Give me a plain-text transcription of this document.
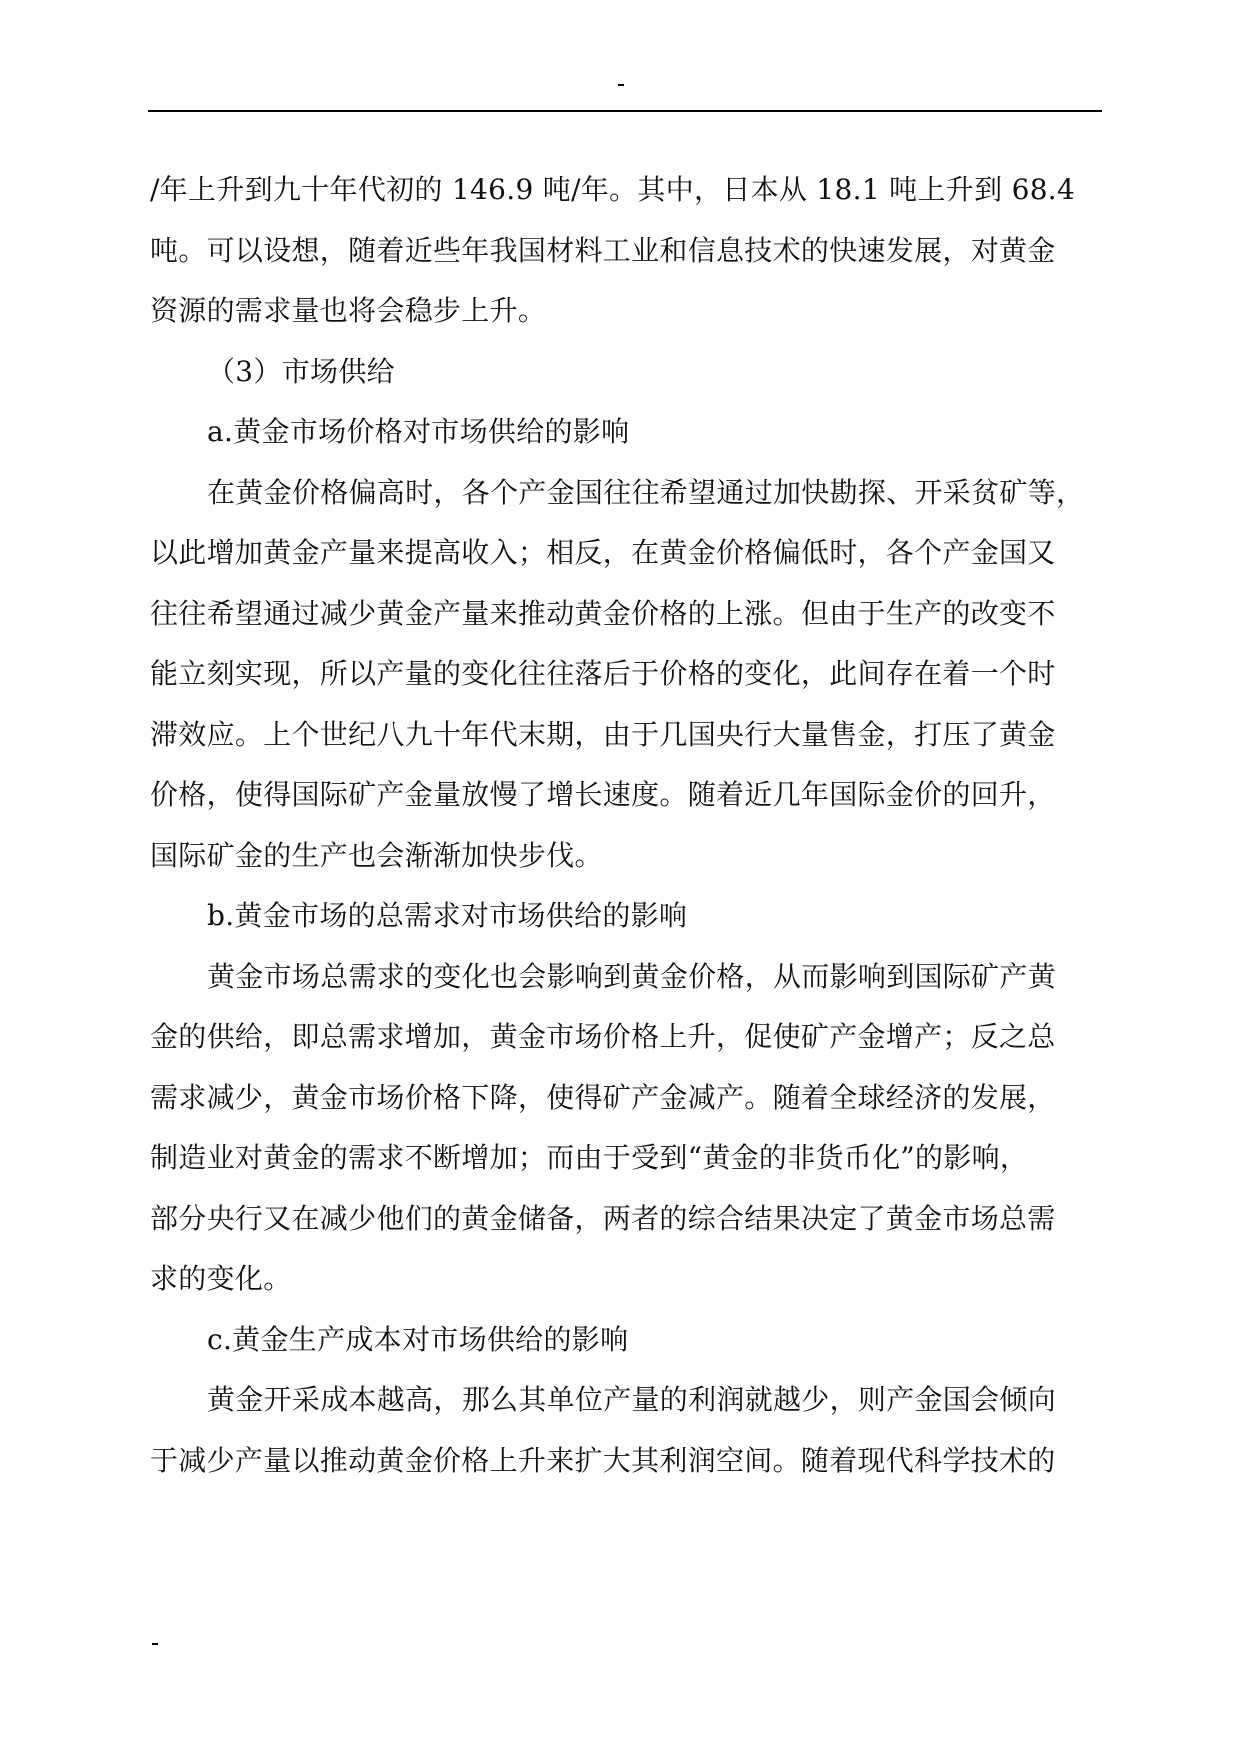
/年上升到九十年代初的 146.9 吨/年。其中，日本从 18.1 吨上升到 68.4
吨。可以设想，随着近些年我国材料工业和信息技术的快速发展，对黄金
资源的需求量也将会稳步上升。
（3）市场供给
a.黄金市场价格对市场供给的影响
在黄金价格偏高时，各个产金国往往希望通过加快勘探、开采贫矿等，
以此增加黄金产量来提高收入；相反，在黄金价格偏低时，各个产金国又
往往希望通过减少黄金产量来推动黄金价格的上涨。但由于生产的改变不
能立刻实现，所以产量的变化往往落后于价格的变化，此间存在着一个时
滞效应。上个世纪八九十年代末期，由于几国央行大量售金，打压了黄金
价格，使得国际矿产金量放慢了增长速度。随着近几年国际金价的回升，
国际矿金的生产也会渐渐加快步伐。
b.黄金市场的总需求对市场供给的影响
黄金市场总需求的变化也会影响到黄金价格，从而影响到国际矿产黄
金的供给，即总需求增加，黄金市场价格上升，促使矿产金增产；反之总
需求减少，黄金市场价格下降，使得矿产金减产。随着全球经济的发展，
制造业对黄金的需求不断增加；而由于受到“黄金的非货币化”的影响，
部分央行又在减少他们的黄金储备，两者的综合结果决定了黄金市场总需
求的变化。
c.黄金生产成本对市场供给的影响
黄金开采成本越高，那么其单位产量的利润就越少，则产金国会倾向
于减少产量以推动黄金价格上升来扩大其利润空间。随着现代科学技术的
